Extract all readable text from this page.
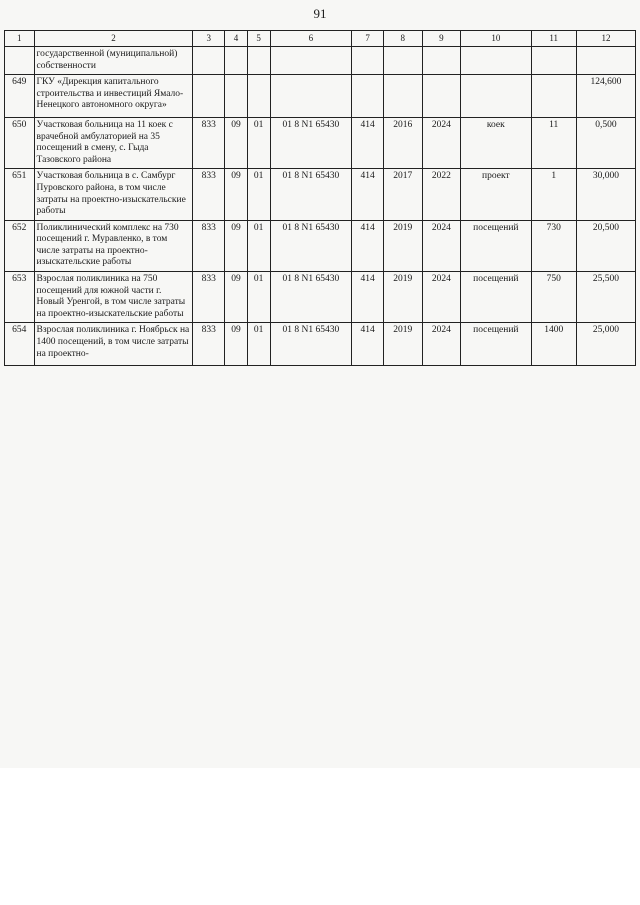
1	2	3	4	5	6	7	8	9	10	11	12
	государственной (муниципальной) собственности										
649	ГКУ «Дирекция капитального строительства и инвестиций Ямало-Ненецкого автономного округа»										124,600
650	Участковая больница на 11 коек с врачебной амбулаторией на 35 посещений в смену, с. Гыда Тазовского района	833	09	01	01 8 N1 65430	414	2016	2024	коек	11	0,500
651	Участковая больница в с. Самбург Пуровского района, в том числе затраты на проектно-изыскательские работы	833	09	01	01 8 N1 65430	414	2017	2022	проект	1	30,000
652	Поликлинический комплекс на 730 посещений г. Муравленко, в том числе затраты на проектно-изыскательские работы	833	09	01	01 8 N1 65430	414	2019	2024	посещений	730	20,500
653	Взрослая поликлиника на 750 посещений для южной части г. Новый Уренгой, в том числе затраты на проектно-изыскательские работы	833	09	01	01 8 N1 65430	414	2019	2024	посещений	750	25,500
654	Взрослая поликлиника г. Ноябрьск на 1400 посещений, в том числе затраты на проектно-	833	09	01	01 8 N1 65430	414	2019	2024	посещений	1400	25,000
91
